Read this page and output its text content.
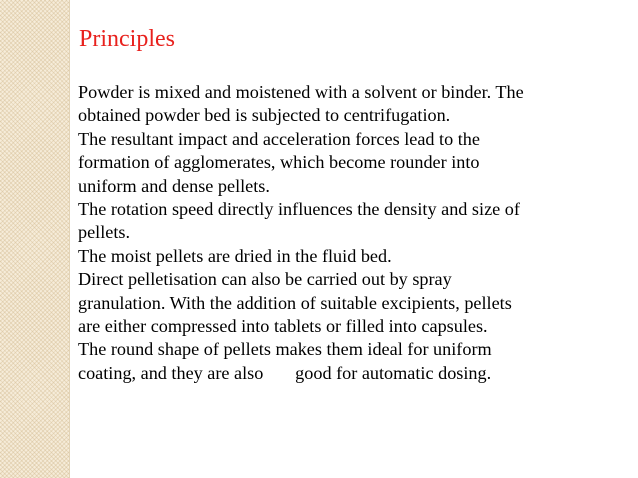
Principles
Powder is mixed and moistened with a solvent or binder. The
obtained powder bed is subjected to centrifugation.
The resultant impact and acceleration forces lead to the
formation of agglomerates, which become rounder into
uniform and dense pellets.
The rotation speed directly influences the density and size of
pellets.
The moist pellets are dried in the fluid bed.
Direct pelletisation can also be carried out by spray
granulation. With the addition of suitable excipients, pellets
are either compressed into tablets or filled into capsules.
The round shape of pellets makes them ideal for uniform
coating, and they are also       good for automatic dosing.
